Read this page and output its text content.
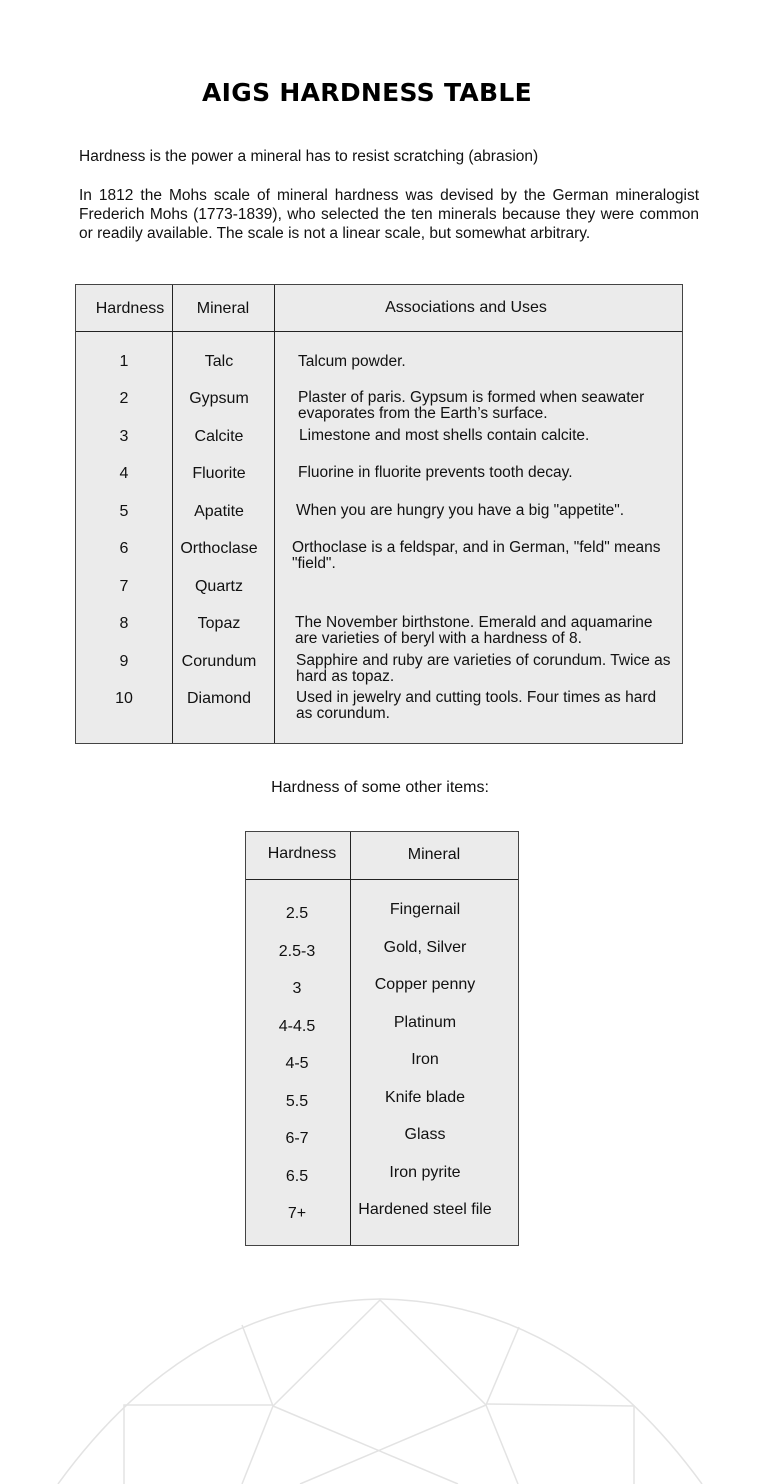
AIGS HARDNESS TABLE
Hardness is the power a mineral has to resist scratching (abrasion)
In 1812 the Mohs scale of mineral hardness was devised by the German mineralogist Frederich Mohs (1773-1839), who selected the ten minerals because they were common or readily available. The scale is not a linear scale, but somewhat arbitrary.
Hardness	Mineral	Associations and Uses
1	Talc	Talcum powder.
2	Gypsum	Plaster of paris. Gypsum is formed when seawater evaporates from the Earth’s surface.
3	Calcite	Limestone and most shells contain calcite.
4	Fluorite	Fluorine in fluorite prevents tooth decay.
5	Apatite	When you are hungry you have a big "appetite".
6	Orthoclase	Orthoclase is a feldspar, and in German, "feld" means "field".
7	Quartz
8	Topaz	The November birthstone. Emerald and aquamarine are varieties of beryl with a hardness of 8.
9	Corundum	Sapphire and ruby are varieties of corundum. Twice as hard as topaz.
10	Diamond	Used in jewelry and cutting tools. Four times as hard as corundum.
Hardness of some other items:
Hardness	Mineral
2.5	Fingernail
2.5-3	Gold, Silver
3	Copper penny
4-4.5	Platinum
4-5	Iron
5.5	Knife blade
6-7	Glass
6.5	Iron pyrite
7+	Hardened steel file
